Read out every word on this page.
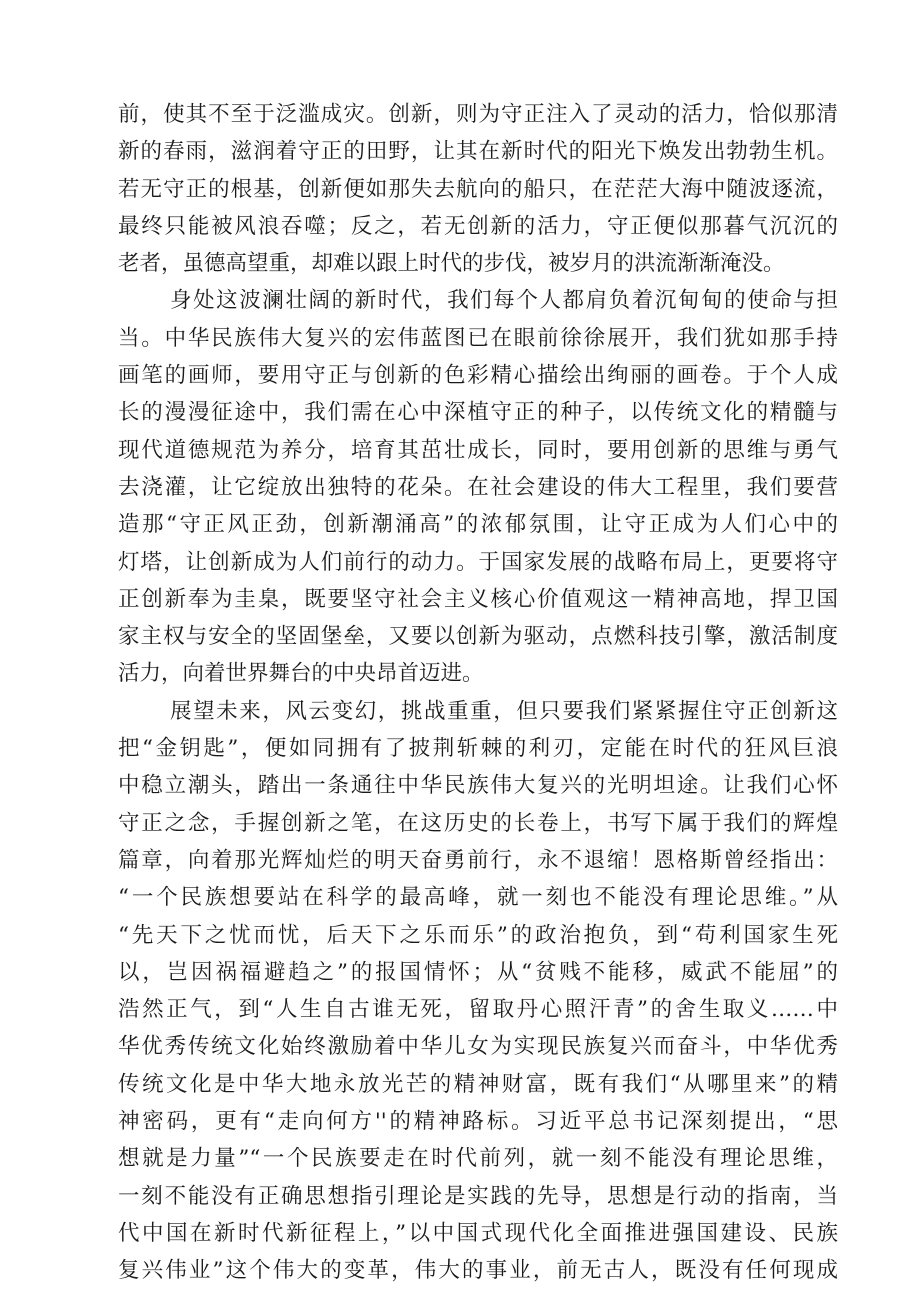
前，使其不至于泛滥成灾。创新，则为守正注入了灵动的活力，恰似那清
新的春雨，滋润着守正的田野，让其在新时代的阳光下焕发出勃勃生机。
若无守正的根基，创新便如那失去航向的船只，在茫茫大海中随波逐流，
最终只能被风浪吞噬；反之，若无创新的活力，守正便似那暮气沉沉的
老者，虽德高望重，却难以跟上时代的步伐，被岁月的洪流渐渐淹没。
身处这波澜壮阔的新时代，我们每个人都肩负着沉甸甸的使命与担
当。中华民族伟大复兴的宏伟蓝图已在眼前徐徐展开，我们犹如那手持
画笔的画师，要用守正与创新的色彩精心描绘出绚丽的画卷。于个人成
长的漫漫征途中，我们需在心中深植守正的种子，以传统文化的精髓与
现代道德规范为养分，培育其茁壮成长，同时，要用创新的思维与勇气
去浇灌，让它绽放出独特的花朵。在社会建设的伟大工程里，我们要营
造那“守正风正劲，创新潮涌高”的浓郁氛围，让守正成为人们心中的
灯塔，让创新成为人们前行的动力。于国家发展的战略布局上，更要将守
正创新奉为圭臬，既要坚守社会主义核心价值观这一精神高地，捍卫国
家主权与安全的坚固堡垒，又要以创新为驱动，点燃科技引擎，激活制度
活力，向着世界舞台的中央昂首迈进。
展望未来，风云变幻，挑战重重，但只要我们紧紧握住守正创新这
把“金钥匙”，便如同拥有了披荆斩棘的利刃，定能在时代的狂风巨浪
中稳立潮头，踏出一条通往中华民族伟大复兴的光明坦途。让我们心怀
守正之念，手握创新之笔，在这历史的长卷上，书写下属于我们的辉煌
篇章，向着那光辉灿烂的明天奋勇前行，永不退缩！恩格斯曾经指出：
“一个民族想要站在科学的最高峰，就一刻也不能没有理论思维。”从
“先天下之忧而忧，后天下之乐而乐”的政治抱负，到“苟利国家生死
以，岂因祸福避趋之”的报国情怀；从“贫贱不能移，威武不能屈”的
浩然正气，到“人生自古谁无死，留取丹心照汗青”的舍生取义……中
华优秀传统文化始终激励着中华儿女为实现民族复兴而奋斗，中华优秀
传统文化是中华大地永放光芒的精神财富，既有我们“从哪里来”的精
神密码，更有“走向何方''的精神路标。习近平总书记深刻提出，“思
想就是力量”“一个民族要走在时代前列，就一刻不能没有理论思维，
一刻不能没有正确思想指引理论是实践的先导，思想是行动的指南，当
代中国在新时代新征程上，”以中国式现代化全面推进强国建设、民族
复兴伟业”这个伟大的变革，伟大的事业，前无古人，既没有任何现成
